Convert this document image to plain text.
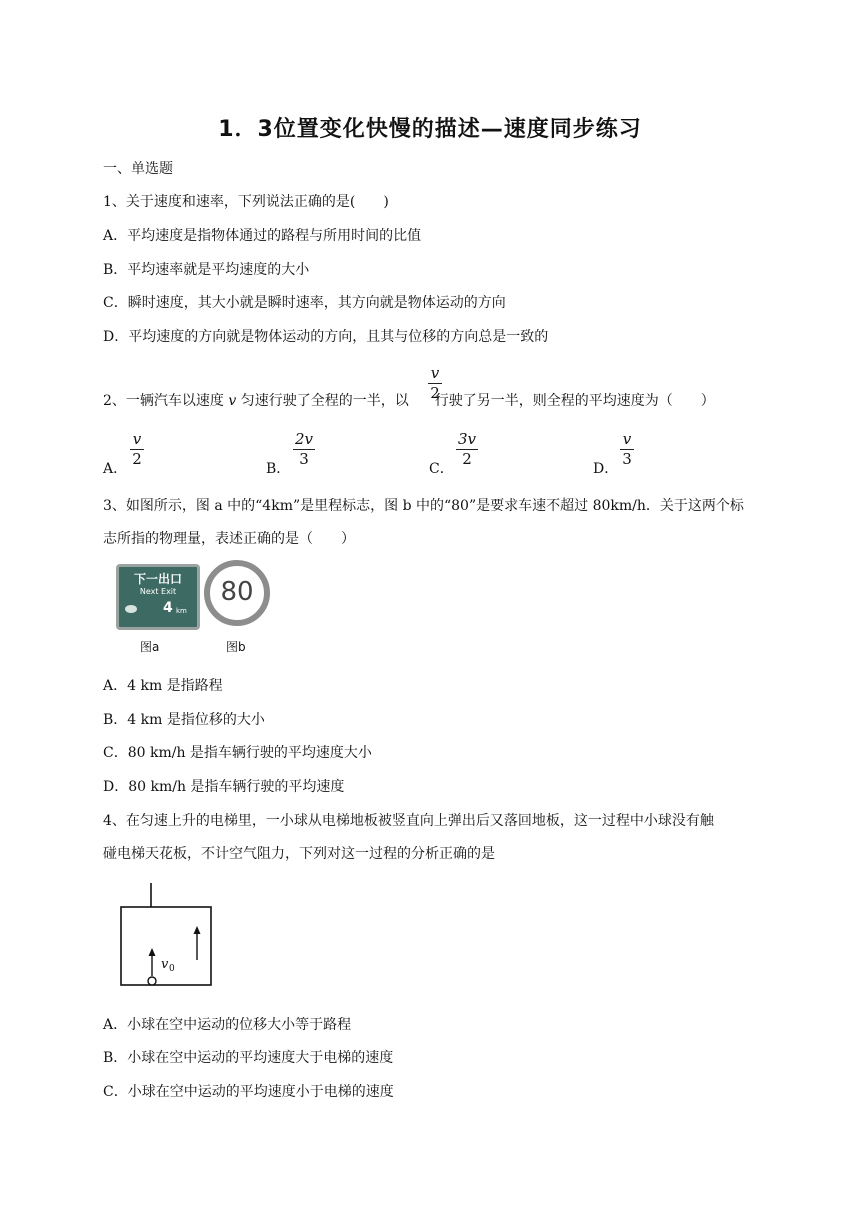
1．3位置变化快慢的描述—速度同步练习
一、单选题
1、关于速度和速率，下列说法正确的是(　　)
A．平均速度是指物体通过的路程与所用时间的比值
B．平均速率就是平均速度的大小
C．瞬时速度，其大小就是瞬时速率，其方向就是物体运动的方向
D．平均速度的方向就是物体运动的方向，且其与位移的方向总是一致的
2、一辆汽车以速度 v 匀速行驶了全程的一半，以 行驶了另一半，则全程的平均速度为（　　）
$\frac{v}{2}$
A．
$\frac{v}{2}$
B．
$\frac{2v}{3}$
C．
$\frac{3v}{2}$
D．
$\frac{v}{3}$
3、如图所示，图 a 中的“4km”是里程标志，图 b 中的“80”是要求车速不超过 80km/h．关于这两个标
志所指的物理量，表述正确的是（　　）
下一出口
Next Exit
4 km
图a
80
图b
A．4 km 是指路程
B．4 km 是指位移的大小
C．80 km/h 是指车辆行驶的平均速度大小
D．80 km/h 是指车辆行驶的平均速度
4、在匀速上升的电梯里，一小球从电梯地板被竖直向上弹出后又落回地板，这一过程中小球没有触
碰电梯天花板，不计空气阻力，下列对这一过程的分析正确的是
v 0
A．小球在空中运动的位移大小等于路程
B．小球在空中运动的平均速度大于电梯的速度
C．小球在空中运动的平均速度小于电梯的速度
